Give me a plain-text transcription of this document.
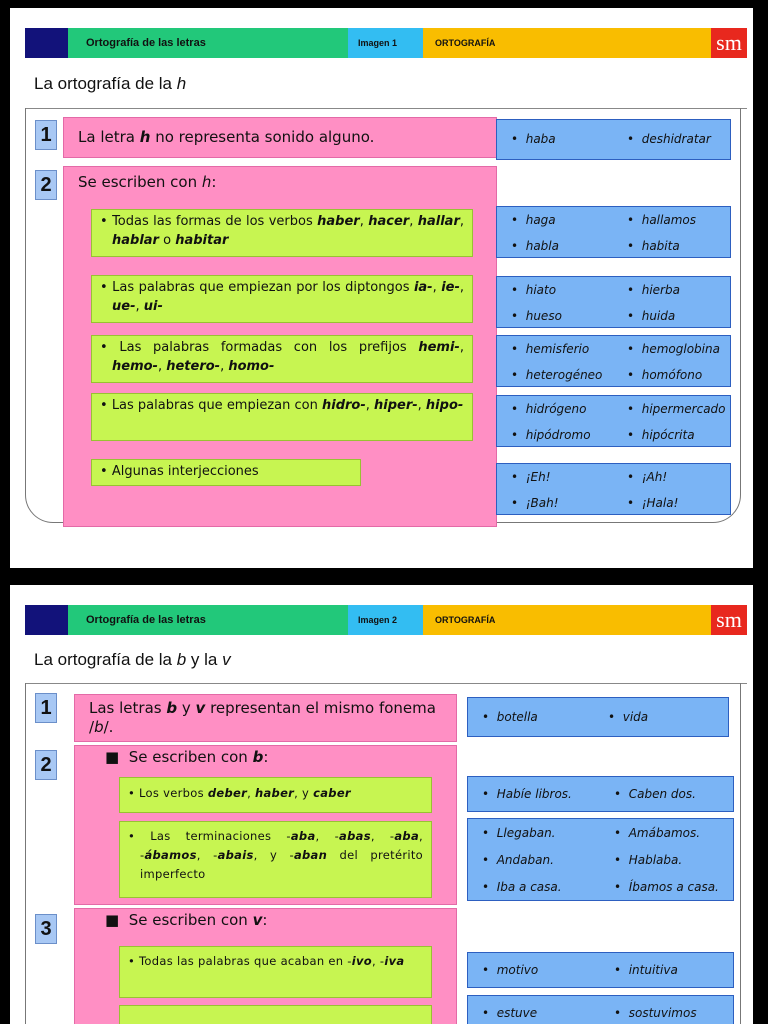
Ortografía de las letras	Imagen 1	ORTOGRAFÍA	sm
La ortografía de la h
1	La letra h no representa sonido alguno.
2	Se escriben con h:
• Todas las formas de los verbos haber, hacer, hallar, hablar o habitar
• Las palabras que empiezan por los diptongos ia-, ie-, ue-, ui-
• Las palabras formadas con los prefijos hemi-, hemo-, hetero-, homo-
• Las palabras que empiezan con hidro-, hiper-, hipo-
• Algunas interjecciones
• haba	• deshidratar
• haga	• hallamos
• habla	• habita
• hiato	• hierba
• hueso	• huida
• hemisferio	• hemoglobina
• heterogéneo • homófono
• hidrógeno	• hipermercado
• hipódromo	• hipócrita
• ¡Eh!	• ¡Ah!
• ¡Bah!	• ¡Hala!
Ortografía de las letras	Imagen 2	ORTOGRAFÍA	sm
La ortografía de la b y la v
1	Las letras b y v representan el mismo fonema /b/.
2	■  Se escriben con b:
• Los verbos deber, haber, y caber
• Las terminaciones -aba, -abas, -aba, -ábamos, -abais, y -aban del pretérito imperfecto
3	■  Se escriben con v:
• Todas las palabras que acaban en -ivo, -iva
• botella	• vida
• Habíe libros.	• Caben dos.
• Llegaban.	• Amábamos.
• Andaban.	• Hablaba.
• Iba a casa.	• Íbamos a casa.
• motivo	• intuitiva
• estuve	• sostuvimos
